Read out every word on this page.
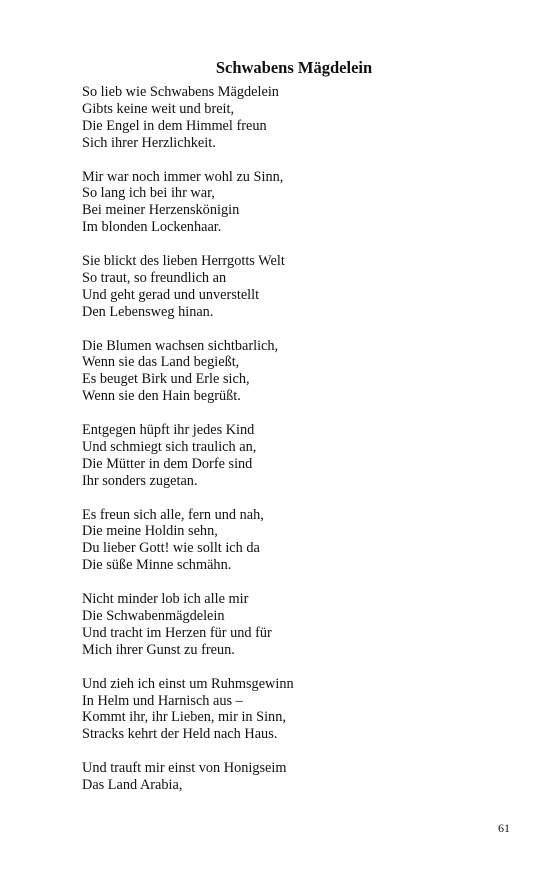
Schwabens Mägdelein
So lieb wie Schwabens Mägdelein
Gibts keine weit und breit,
Die Engel in dem Himmel freun
Sich ihrer Herzlichkeit.
Mir war noch immer wohl zu Sinn,
So lang ich bei ihr war,
Bei meiner Herzenskönigin
Im blonden Lockenhaar.
Sie blickt des lieben Herrgotts Welt
So traut, so freundlich an
Und geht gerad und unverstellt
Den Lebensweg hinan.
Die Blumen wachsen sichtbarlich,
Wenn sie das Land begießt,
Es beuget Birk und Erle sich,
Wenn sie den Hain begrüßt.
Entgegen hüpft ihr jedes Kind
Und schmiegt sich traulich an,
Die Mütter in dem Dorfe sind
Ihr sonders zugetan.
Es freun sich alle, fern und nah,
Die meine Holdin sehn,
Du lieber Gott! wie sollt ich da
Die süße Minne schmähn.
Nicht minder lob ich alle mir
Die Schwabenmägdelein
Und tracht im Herzen für und für
Mich ihrer Gunst zu freun.
Und zieh ich einst um Ruhmsgewinn
In Helm und Harnisch aus –
Kommt ihr, ihr Lieben, mir in Sinn,
Stracks kehrt der Held nach Haus.
Und trauft mir einst von Honigseim
Das Land Arabia,
61
